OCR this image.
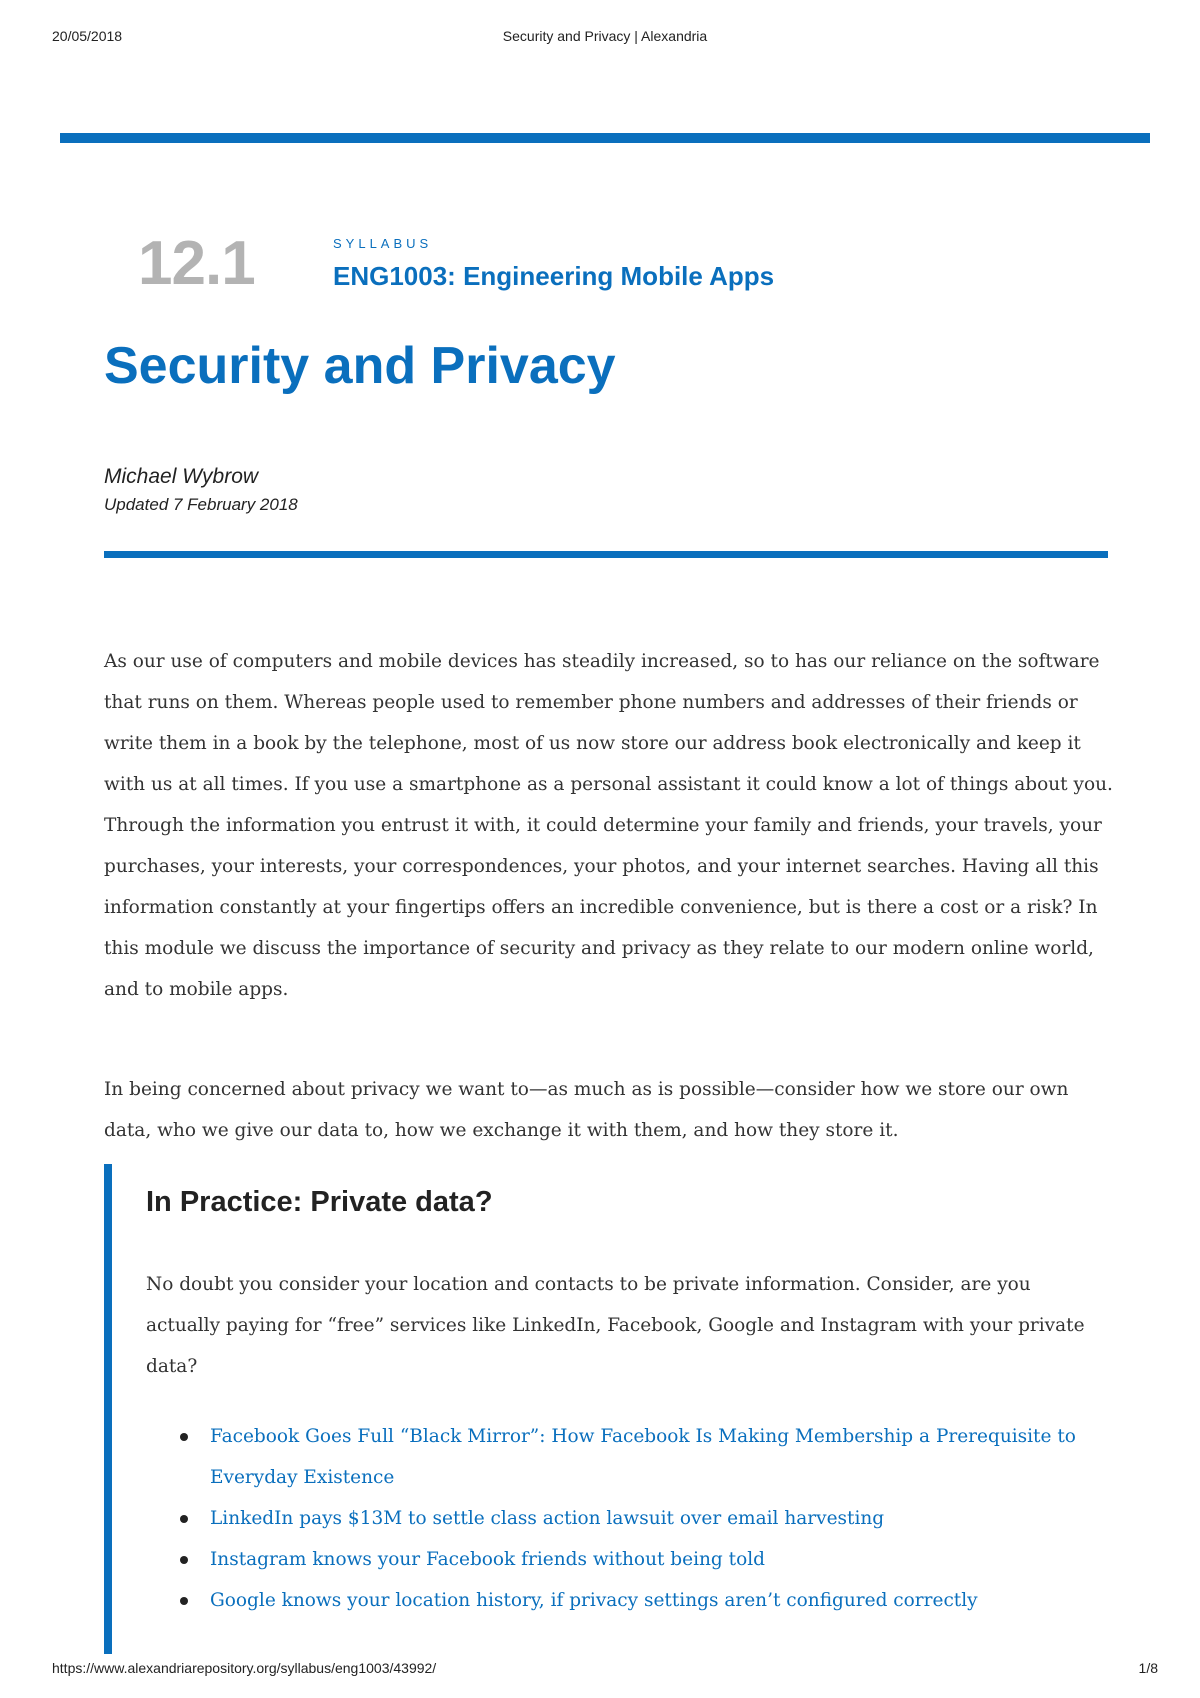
20/05/2018	Security and Privacy | Alexandria
12.1	SYLLABUS
ENG1003: Engineering Mobile Apps
Security and Privacy
Michael Wybrow
Updated 7 February 2018

As our use of computers and mobile devices has steadily increased, so to has our reliance on the software that runs on them. Whereas people used to remember phone numbers and addresses of their friends or write them in a book by the telephone, most of us now store our address book electronically and keep it with us at all times. If you use a smartphone as a personal assistant it could know a lot of things about you. Through the information you entrust it with, it could determine your family and friends, your travels, your purchases, your interests, your correspondences, your photos, and your internet searches. Having all this information constantly at your fingertips offers an incredible convenience, but is there a cost or a risk? In this module we discuss the importance of security and privacy as they relate to our modern online world, and to mobile apps.

In being concerned about privacy we want to—as much as is possible—consider how we store our own data, who we give our data to, how we exchange it with them, and how they store it.

In Practice: Private data?

No doubt you consider your location and contacts to be private information. Consider, are you actually paying for “free” services like LinkedIn, Facebook, Google and Instagram with your private data?

Facebook Goes Full “Black Mirror”: How Facebook Is Making Membership a Prerequisite to Everyday Existence
LinkedIn pays $13M to settle class action lawsuit over email harvesting
Instagram knows your Facebook friends without being told
Google knows your location history, if privacy settings aren’t configured correctly
https://www.alexandriarepository.org/syllabus/eng1003/43992/	1/8
